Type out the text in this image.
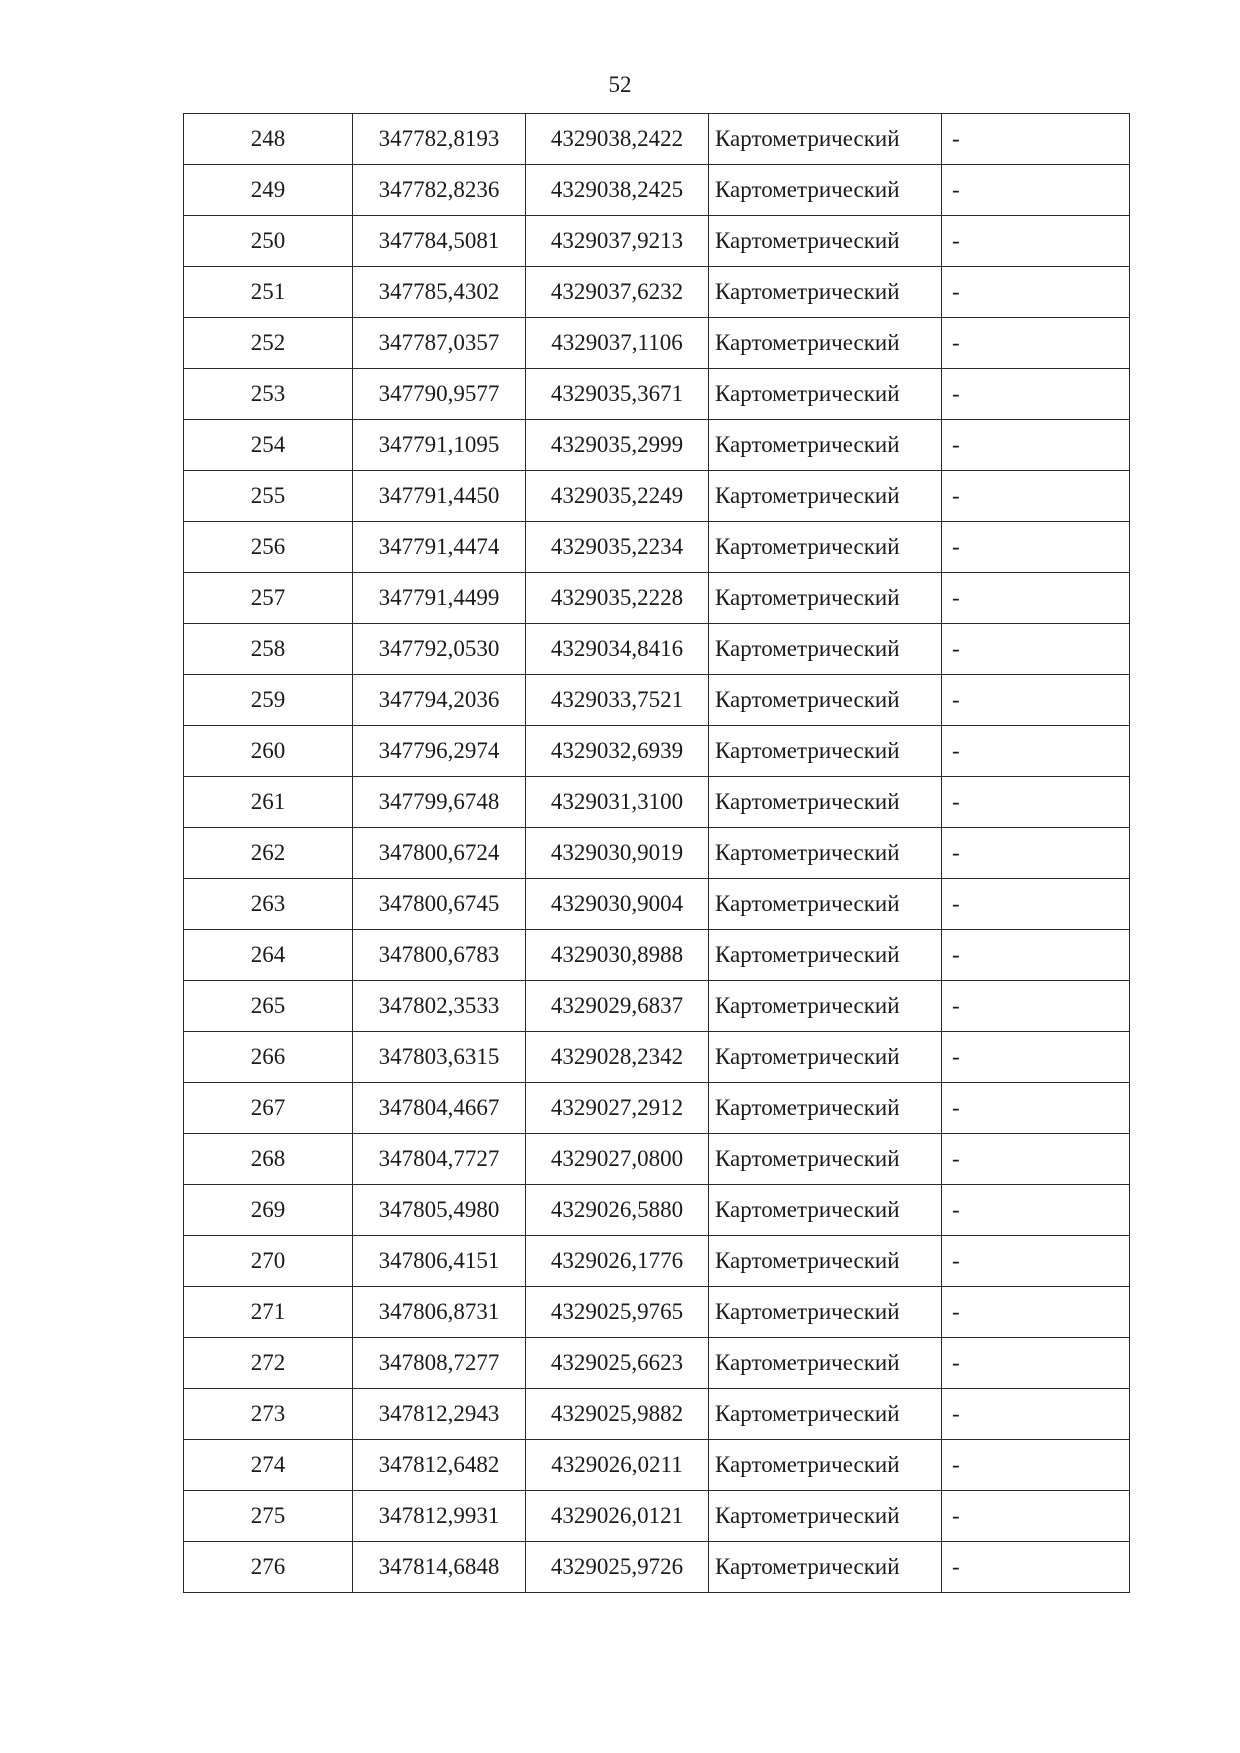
52
248	347782,8193	4329038,2422	Картометрический	-
249	347782,8236	4329038,2425	Картометрический	-
250	347784,5081	4329037,9213	Картометрический	-
251	347785,4302	4329037,6232	Картометрический	-
252	347787,0357	4329037,1106	Картометрический	-
253	347790,9577	4329035,3671	Картометрический	-
254	347791,1095	4329035,2999	Картометрический	-
255	347791,4450	4329035,2249	Картометрический	-
256	347791,4474	4329035,2234	Картометрический	-
257	347791,4499	4329035,2228	Картометрический	-
258	347792,0530	4329034,8416	Картометрический	-
259	347794,2036	4329033,7521	Картометрический	-
260	347796,2974	4329032,6939	Картометрический	-
261	347799,6748	4329031,3100	Картометрический	-
262	347800,6724	4329030,9019	Картометрический	-
263	347800,6745	4329030,9004	Картометрический	-
264	347800,6783	4329030,8988	Картометрический	-
265	347802,3533	4329029,6837	Картометрический	-
266	347803,6315	4329028,2342	Картометрический	-
267	347804,4667	4329027,2912	Картометрический	-
268	347804,7727	4329027,0800	Картометрический	-
269	347805,4980	4329026,5880	Картометрический	-
270	347806,4151	4329026,1776	Картометрический	-
271	347806,8731	4329025,9765	Картометрический	-
272	347808,7277	4329025,6623	Картометрический	-
273	347812,2943	4329025,9882	Картометрический	-
274	347812,6482	4329026,0211	Картометрический	-
275	347812,9931	4329026,0121	Картометрический	-
276	347814,6848	4329025,9726	Картометрический	-
